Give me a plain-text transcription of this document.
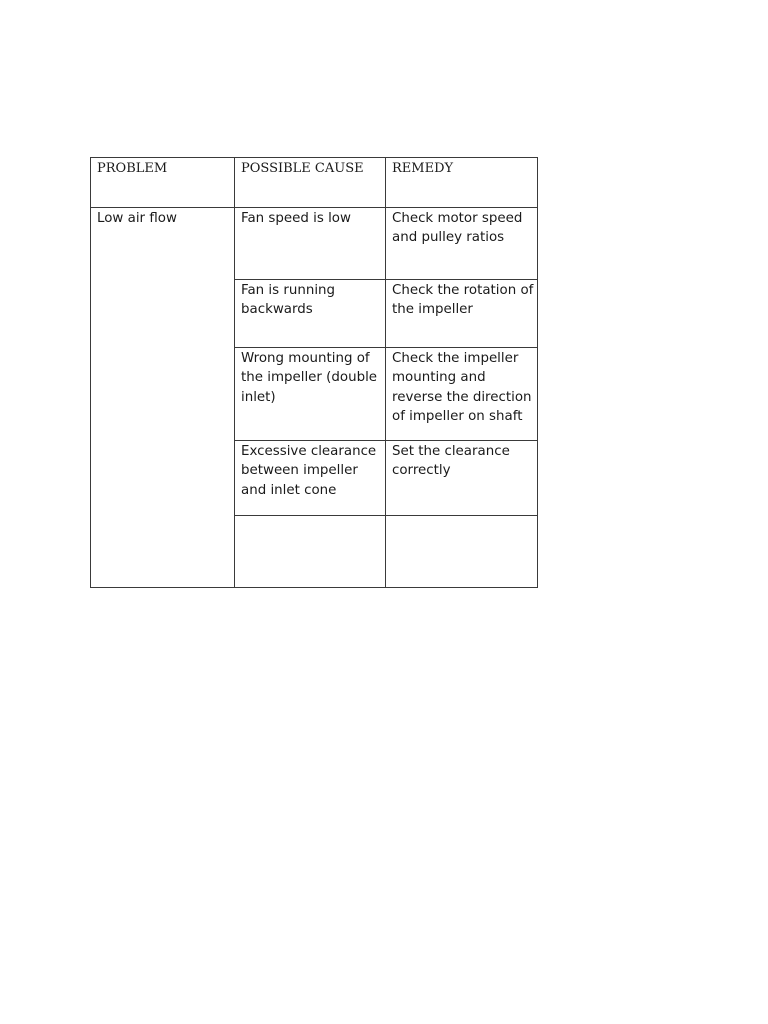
PROBLEM	POSSIBLE CAUSE	REMEDY
Low air flow	Fan speed is low	Check motor speed and pulley ratios
	Fan is running backwards	Check the rotation of the impeller
	Wrong mounting of the impeller (double inlet)	Check the impeller mounting and reverse the direction of impeller on shaft
	Excessive clearance between impeller and inlet cone	Set the clearance correctly
